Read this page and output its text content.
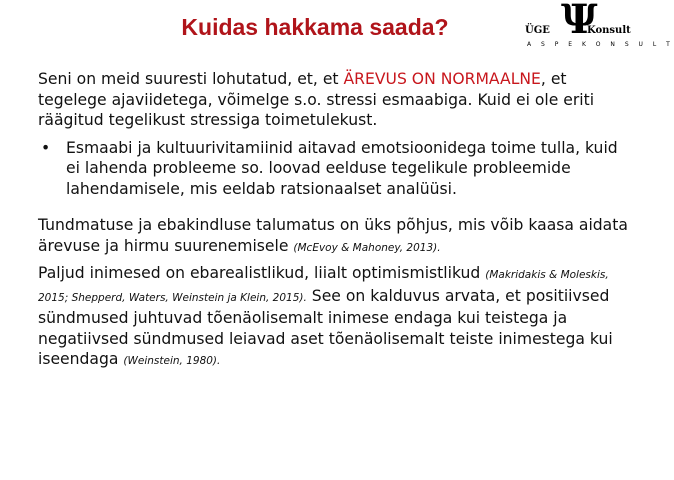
Kuidas hakkama saada?	ÜGE Ψ
Konsult
A S P E K O N S U L T

Seni on meid suuresti lohutatud, et, et ÄREVUS ON NORMAALNE, et tegelege ajaviidetega, võimelge s.o. stressi esmaabiga. Kuid ei ole eriti räägitud tegelikust stressiga toimetulekust.

• Esmaabi ja kultuurivitamiinid aitavad emotsioonidega toime tulla, kuid ei lahenda probleeme so. loovad eelduse tegelikule probleemide lahendamisele, mis eeldab ratsionaalset analüüsi.

Tundmatuse ja ebakindluse talumatus on üks põhjus, mis võib kaasa aidata ärevuse ja hirmu suurenemisele (McEvoy & Mahoney, 2013).

Paljud inimesed on ebarealistlikud, liialt optimismistlikud (Makridakis & Moleskis, 2015; Shepperd, Waters, Weinstein ja Klein, 2015). See on kalduvus arvata, et positiivsed sündmused juhtuvad tõenäolisemalt inimese endaga kui teistega ja negatiivsed sündmused leiavad aset tõenäolisemalt teiste inimestega kui iseendaga (Weinstein, 1980).
